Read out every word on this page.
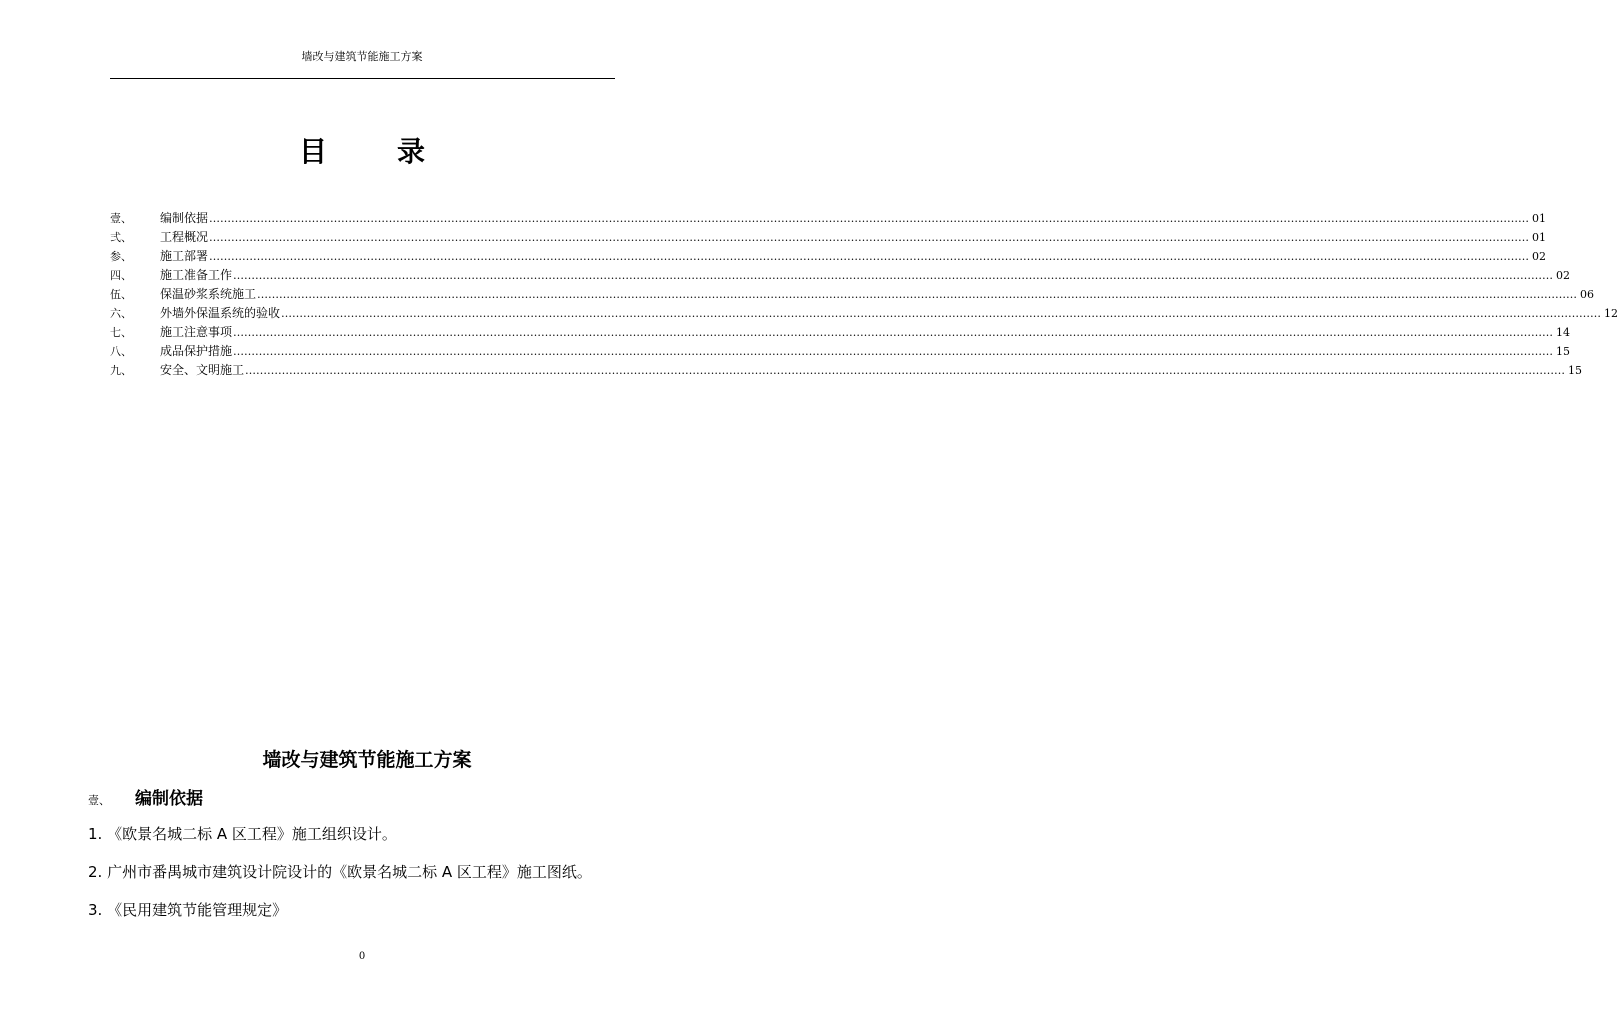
墙改与建筑节能施工方案
目	录
壹、	编制依据 ……………………………………………………………………………………………………………………………………………………………………………………………………………………………………………………………………………………………………………………………… 01
弍、	工程概况 ……………………………………………………………………………………………………………………………………………………………………………………………………………………………………………………………………………………………………………………………… 01
参、	施工部署 ……………………………………………………………………………………………………………………………………………………………………………………………………………………………………………………………………………………………………………………………… 02
四、	施工准备工作 ……………………………………………………………………………………………………………………………………………………………………………………………………………………………………………………………………………………………………………………………… 02
伍、	保温砂浆系统施工 ……………………………………………………………………………………………………………………………………………………………………………………………………………………………………………………………………………………………………………………………… 06
六、	外墙外保温系统的验收 ……………………………………………………………………………………………………………………………………………………………………………………………………………………………………………………………………………………………………………………………… 12
七、	施工注意事项 ……………………………………………………………………………………………………………………………………………………………………………………………………………………………………………………………………………………………………………………………… 14
八、	成品保护措施 ……………………………………………………………………………………………………………………………………………………………………………………………………………………………………………………………………………………………………………………………… 15
九、	安全、文明施工 ……………………………………………………………………………………………………………………………………………………………………………………………………………………………………………………………………………………………………………………………… 15
墙改与建筑节能施工方案
壹、 编制依据
1. 《欧景名城二标 A 区工程》施工组织设计。
2. 广州市番禺城市建筑设计院设计的《欧景名城二标 A 区工程》施工图纸。
3. 《民用建筑节能管理规定》
0
